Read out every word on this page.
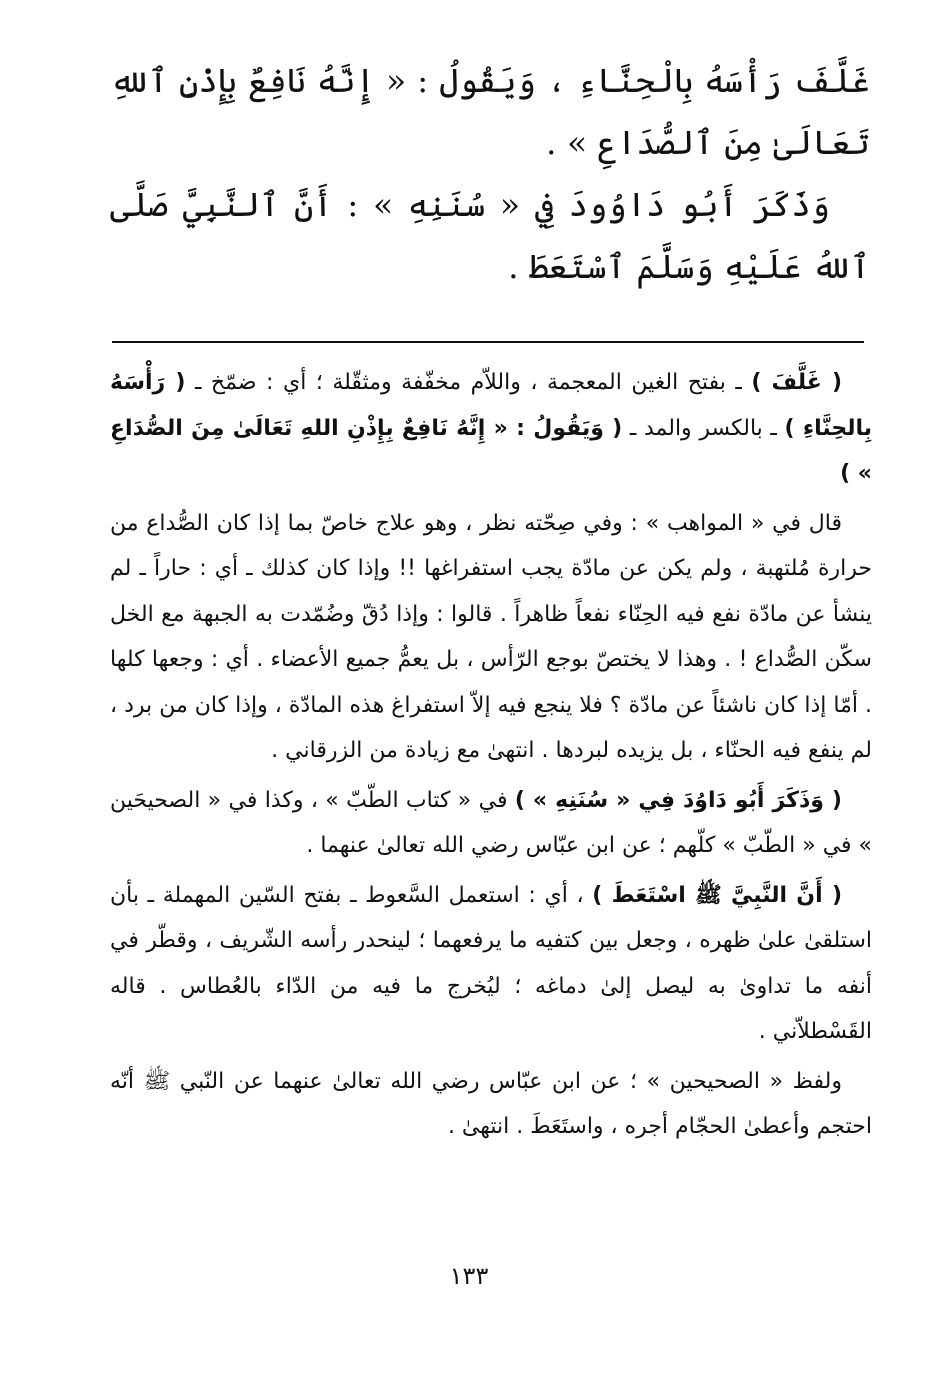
غَلَّفَ رَأْسَهُ بِالْحِنَّاءِ ، وَيَقُولُ : « إِنَّهُ نَافِعٌ بِإِذْنِ ٱللهِ تَعَالَىٰ مِنَ ٱلصُّدَاعِ » .

وَذَكَرَ أَبُو دَاوُودَ فِي « سُنَنِهِ » : أَنَّ ٱلنَّبِيَّ صَلَّى ٱللهُ عَلَيْهِ وَسَلَّمَ ٱسْتَعَطَ .

( غَلَّفَ ) ـ بفتح الغين المعجمة ، واللاّم مخفّفة ومثقّلة ؛ أي : ضمّخ ـ ( رَأْسَهُ بِالحِنَّاءِ ) ـ بالكسر والمد ـ ( وَيَقُولُ : « إِنَّهُ نَافِعٌ بِإِذْنِ اللهِ تَعَالَىٰ مِنَ الصُّدَاعِ » )

قال في « المواهب » : وفي صِحّته نظر ، وهو علاج خاصّ بما إذا كان الصُّداع من حرارة مُلتهبة ، ولم يكن عن مادّة يجب استفراغها !! وإذا كان كذلك ـ أي : حاراً ـ لم ينشأ عن مادّة نفع فيه الحِنّاء نفعاً ظاهراً . قالوا : وإذا دُقّ وضُمّدت به الجبهة مع الخل سكّن الصُّداع ! . وهذا لا يختصّ بوجع الرّأس ، بل يعمُّ جميع الأعضاء . أي : وجعها كلها . أمّا إذا كان ناشئاً عن مادّة ؟ فلا ينجع فيه إلاّ استفراغ هذه المادّة ، وإذا كان من برد ، لم ينفع فيه الحنّاء ، بل يزيده لبردها . انتهىٰ مع زيادة من الزرقاني .

( وَذَكَرَ أَبُو دَاوُدَ فِي « سُنَنِهِ » ) في « كتاب الطّبّ » ، وكذا في « الصحيحَين » في « الطّبّ » كلّهم ؛ عن ابن عبّاس رضي الله تعالىٰ عنهما .

( أَنَّ النَّبِيَّ ﷺ اسْتَعَطَ ) ، أي : استعمل السَّعوط ـ بفتح السّين المهملة ـ بأن استلقىٰ علىٰ ظهره ، وجعل بين كتفيه ما يرفعهما ؛ لينحدر رأسه الشّريف ، وقطّر في أنفه ما تداوىٰ به ليصل إلىٰ دماغه ؛ ليُخرج ما فيه من الدّاء بالعُطاس . قاله القَسْطلاّني .

ولفظ « الصحيحين » ؛ عن ابن عبّاس رضي الله تعالىٰ عنهما عن النّبي ﷺ أنّه احتجم وأعطىٰ الحجّام أجره ، واستَعَطَ . انتهىٰ .

١٣٣
